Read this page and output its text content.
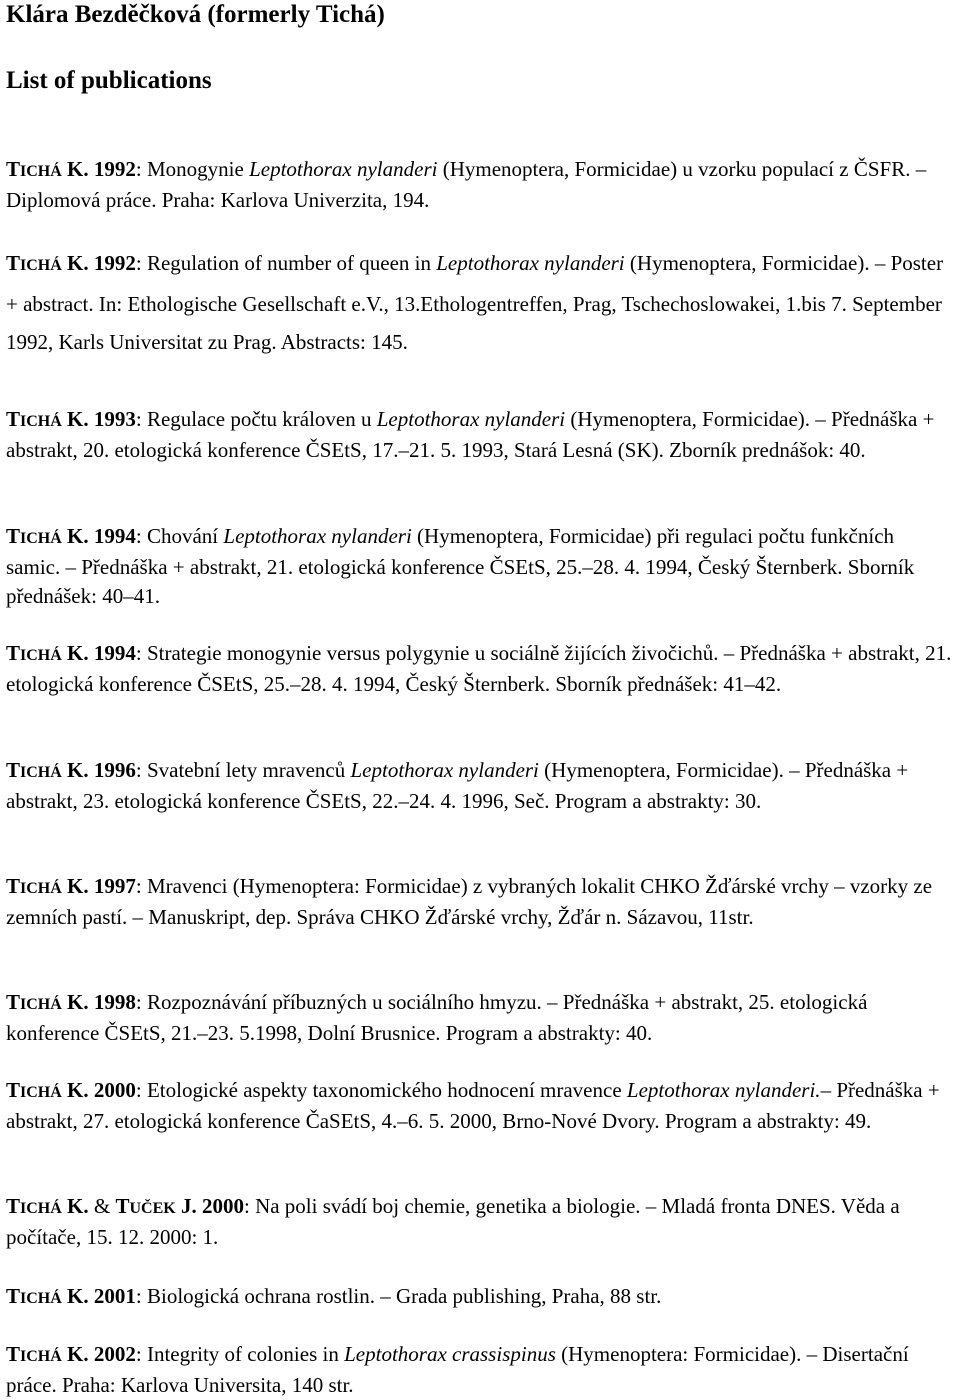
Klára Bezděčková (formerly Tichá)
List of publications
TICHÁ K. 1992: Monogynie Leptothorax nylanderi (Hymenoptera, Formicidae) u vzorku populací z ČSFR. – Diplomová práce. Praha: Karlova Univerzita, 194.
TICHÁ K. 1992: Regulation of number of queen in Leptothorax nylanderi (Hymenoptera, Formicidae). – Poster + abstract. In: Ethologische Gesellschaft e.V., 13.Ethologentreffen, Prag, Tschechoslowakei, 1.bis 7. September 1992, Karls Universitat zu Prag. Abstracts: 145.
TICHÁ K. 1993: Regulace počtu královen u Leptothorax nylanderi (Hymenoptera, Formicidae). – Přednáška + abstrakt, 20. etologická konference ČSEtS, 17.–21. 5. 1993, Stará Lesná (SK). Zborník prednášok: 40.
TICHÁ K. 1994: Chování Leptothorax nylanderi (Hymenoptera, Formicidae) při regulaci počtu funkčních samic. – Přednáška + abstrakt, 21. etologická konference ČSEtS, 25.–28. 4. 1994, Český Šternberk. Sborník přednášek: 40–41.
TICHÁ K. 1994: Strategie monogynie versus polygynie u sociálně žijících živočichů. – Přednáška + abstrakt, 21. etologická konference ČSEtS, 25.–28. 4. 1994, Český Šternberk. Sborník přednášek: 41–42.
TICHÁ K. 1996: Svatební lety mravenců Leptothorax nylanderi (Hymenoptera, Formicidae). – Přednáška + abstrakt, 23. etologická konference ČSEtS, 22.–24. 4. 1996, Seč. Program a abstrakty: 30.
TICHÁ K. 1997: Mravenci (Hymenoptera: Formicidae) z vybraných lokalit CHKO Žďárské vrchy – vzorky ze zemních pastí. – Manuskript, dep. Správa CHKO Žďárské vrchy, Žďár n. Sázavou, 11str.
TICHÁ K. 1998: Rozpoznávání příbuzných u sociálního hmyzu. – Přednáška + abstrakt, 25. etologická konference ČSEtS, 21.–23. 5.1998, Dolní Brusnice. Program a abstrakty: 40.
TICHÁ K. 2000: Etologické aspekty taxonomického hodnocení mravence Leptothorax nylanderi.– Přednáška + abstrakt, 27. etologická konference ČaSEtS, 4.–6. 5. 2000, Brno-Nové Dvory. Program a abstrakty: 49.
TICHÁ K. & TUČEK J. 2000: Na poli svádí boj chemie, genetika a biologie. – Mladá fronta DNES. Věda a počítače, 15. 12. 2000: 1.
TICHÁ K. 2001: Biologická ochrana rostlin. – Grada publishing, Praha, 88 str.
TICHÁ K. 2002: Integrity of colonies in Leptothorax crassispinus (Hymenoptera: Formicidae). – Disertační práce. Praha: Karlova Universita, 140 str.
